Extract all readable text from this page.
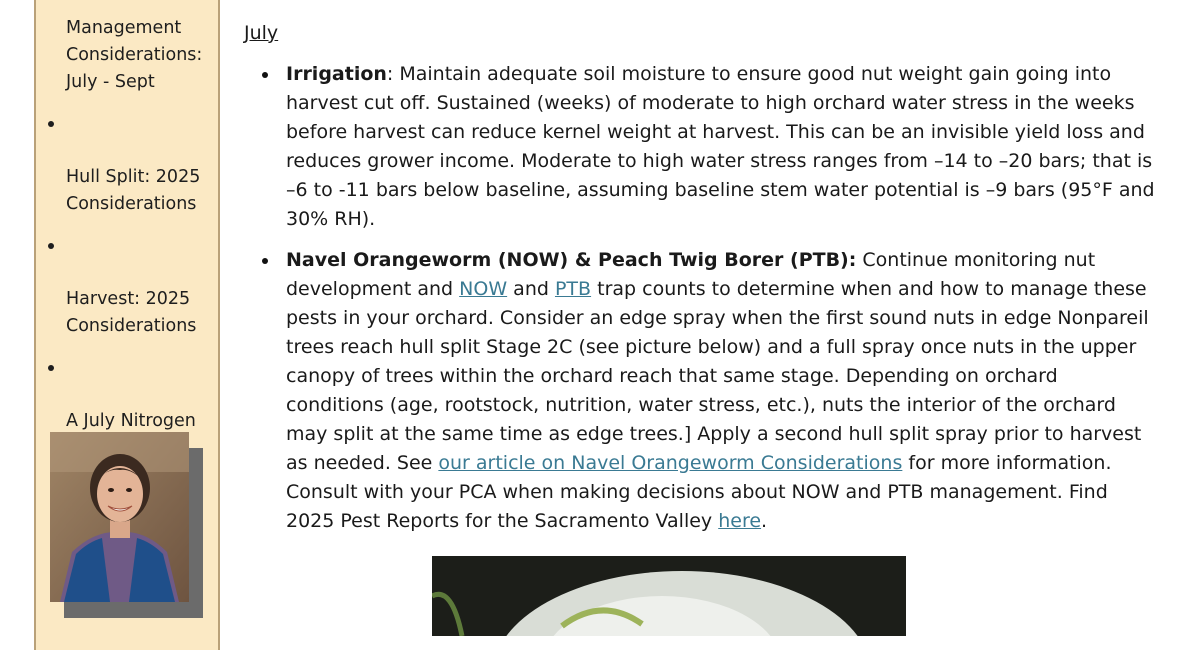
Management
Considerations:
July - Sept

Hull Split: 2025
Considerations

Harvest: 2025
Considerations

A July Nitrogen

July

Irrigation: Maintain adequate soil moisture to ensure good nut weight gain going into harvest cut off. Sustained (weeks) of moderate to high orchard water stress in the weeks before harvest can reduce kernel weight at harvest. This can be an invisible yield loss and reduces grower income. Moderate to high water stress ranges from –14 to –20 bars; that is –6 to -11 bars below baseline, assuming baseline stem water potential is –9 bars (95°F and 30% RH).

Navel Orangeworm (NOW) & Peach Twig Borer (PTB): Continue monitoring nut development and NOW and PTB trap counts to determine when and how to manage these pests in your orchard. Consider an edge spray when the first sound nuts in edge Nonpareil trees reach hull split Stage 2C (see picture below) and a full spray once nuts in the upper canopy of trees within the orchard reach that same stage. Depending on orchard conditions (age, rootstock, nutrition, water stress, etc.), nuts the interior of the orchard may split at the same time as edge trees.] Apply a second hull split spray prior to harvest as needed. See our article on Navel Orangeworm Considerations for more information. Consult with your PCA when making decisions about NOW and PTB management. Find 2025 Pest Reports for the Sacramento Valley here.
